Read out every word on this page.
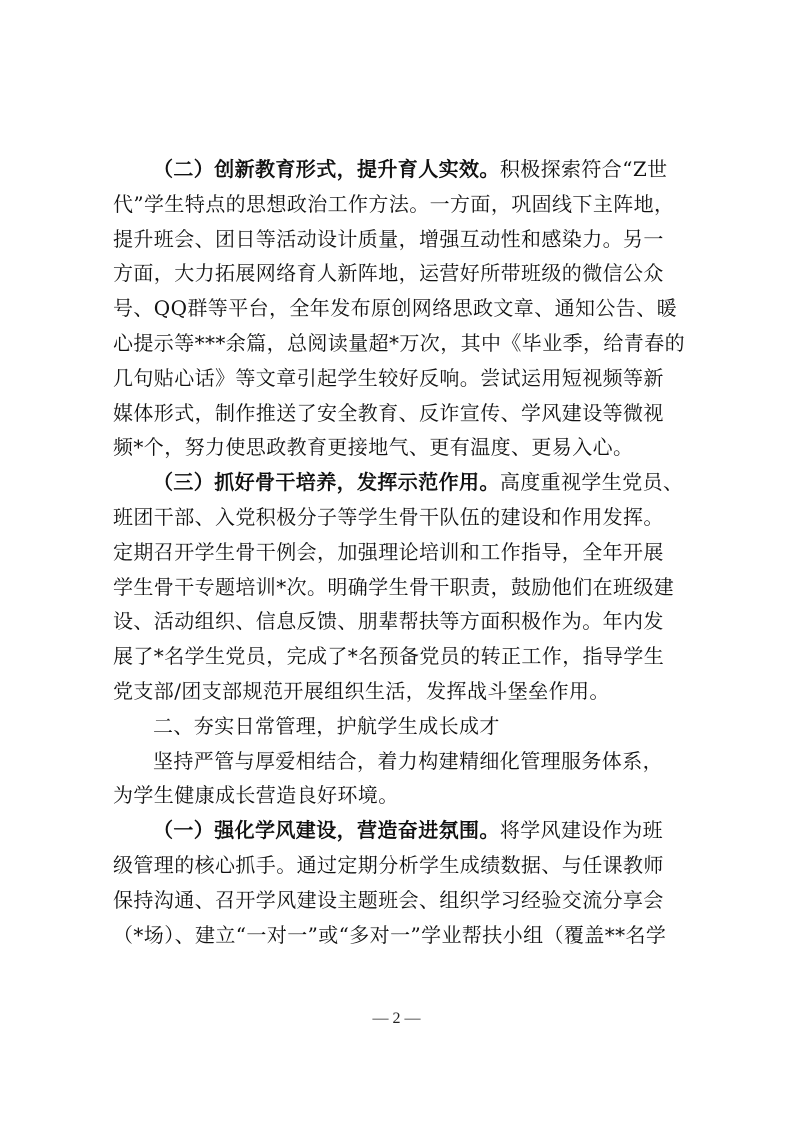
（二）创新教育形式，提升育人实效。积极探索符合“Z世
代”学生特点的思想政治工作方法。一方面，巩固线下主阵地，
提升班会、团日等活动设计质量，增强互动性和感染力。另一
方面，大力拓展网络育人新阵地，运营好所带班级的微信公众
号、QQ群等平台，全年发布原创网络思政文章、通知公告、暖
心提示等***余篇，总阅读量超*万次，其中《毕业季，给青春的
几句贴心话》等文章引起学生较好反响。尝试运用短视频等新
媒体形式，制作推送了安全教育、反诈宣传、学风建设等微视
频*个，努力使思政教育更接地气、更有温度、更易入心。
（三）抓好骨干培养，发挥示范作用。高度重视学生党员、
班团干部、入党积极分子等学生骨干队伍的建设和作用发挥。
定期召开学生骨干例会，加强理论培训和工作指导，全年开展
学生骨干专题培训*次。明确学生骨干职责，鼓励他们在班级建
设、活动组织、信息反馈、朋辈帮扶等方面积极作为。年内发
展了*名学生党员，完成了*名预备党员的转正工作，指导学生
党支部/团支部规范开展组织生活，发挥战斗堡垒作用。
二、夯实日常管理，护航学生成长成才
坚持严管与厚爱相结合，着力构建精细化管理服务体系，
为学生健康成长营造良好环境。
（一）强化学风建设，营造奋进氛围。将学风建设作为班
级管理的核心抓手。通过定期分析学生成绩数据、与任课教师
保持沟通、召开学风建设主题班会、组织学习经验交流分享会
（*场）、建立“一对一”或“多对一”学业帮扶小组（覆盖**名学
— 2 —
